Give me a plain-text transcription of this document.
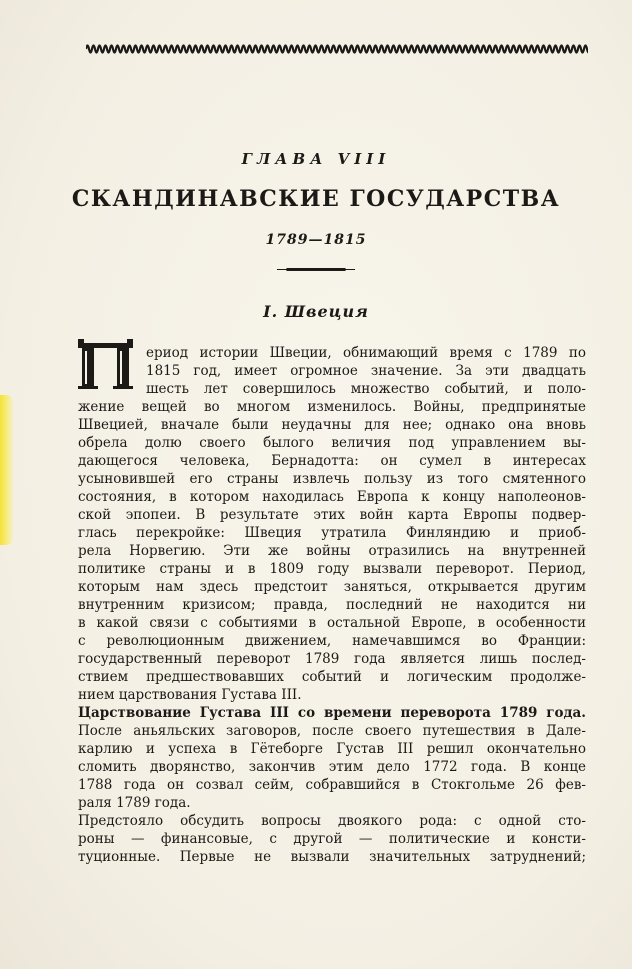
ГЛАВА VIII
СКАНДИНАВСКИЕ ГОСУДАРСТВА
1789—1815
I. Швеция
ериод истории Швеции, обнимающий время с 1789 по
1815 год, имеет огромное значение. За эти двадцать
шесть лет совершилось множество событий, и поло-
жение вещей во многом изменилось. Войны, предпринятые
Швецией, вначале были неудачны для нее; однако она вновь
обрела долю своего былого величия под управлением вы-
дающегося человека, Бернадотта: он сумел в интересах
усыновившей его страны извлечь пользу из того смятенного
состояния, в котором находилась Европа к концу наполеонов-
ской эпопеи. В результате этих войн карта Европы подвер-
глась перекройке: Швеция утратила Финляндию и приоб-
рела Норвегию. Эти же войны отразились на внутренней
политике страны и в 1809 году вызвали переворот. Период,
которым нам здесь предстоит заняться, открывается другим
внутренним кризисом; правда, последний не находится ни
в какой связи с событиями в остальной Европе, в особенности
с революционным движением, намечавшимся во Франции:
государственный переворот 1789 года является лишь послед-
ствием предшествовавших событий и логическим продолже-
нием царствования Густава III.
Царствование Густава III со времени переворота 1789 года.
После аньяльских заговоров, после своего путешествия в Дале-
карлию и успеха в Гётеборге Густав III решил окончательно
сломить дворянство, закончив этим дело 1772 года. В конце
1788 года он созвал сейм, собравшийся в Стокгольме 26 фев-
раля 1789 года.
Предстояло обсудить вопросы двоякого рода: с одной сто-
роны — финансовые, с другой — политические и консти-
туционные. Первые не вызвали значительных затруднений;
